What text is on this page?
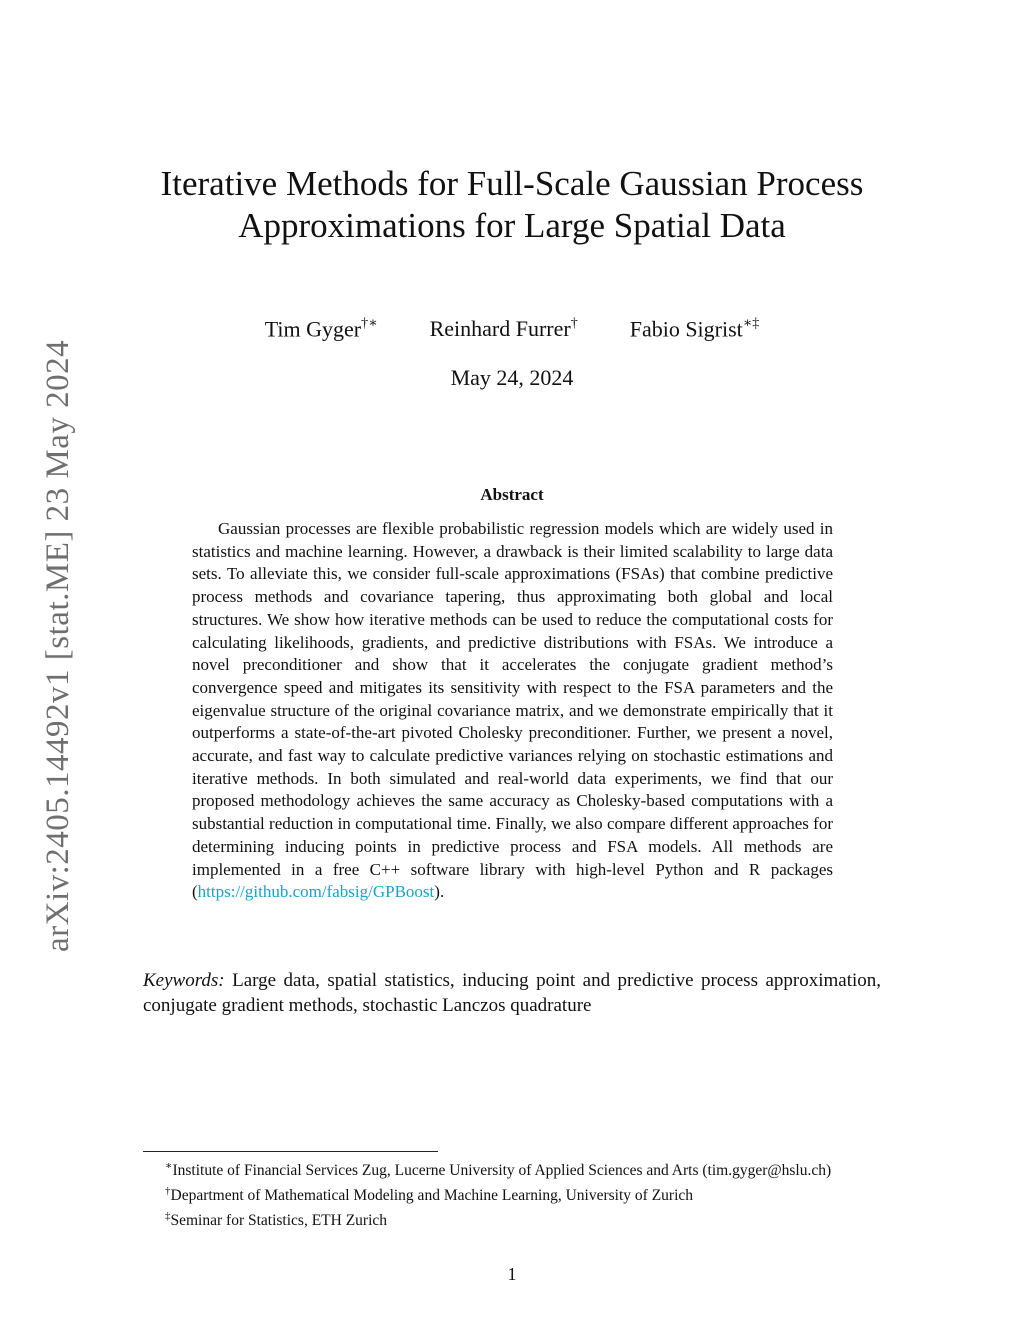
arXiv:2405.14492v1 [stat.ME] 23 May 2024
Iterative Methods for Full-Scale Gaussian Process Approximations for Large Spatial Data
Tim Gyger†∗ Reinhard Furrer† Fabio Sigrist∗‡
May 24, 2024
Abstract
Gaussian processes are flexible probabilistic regression models which are widely used in statistics and machine learning. However, a drawback is their limited scalability to large data sets. To alleviate this, we consider full-scale approximations (FSAs) that combine predictive process methods and covariance tapering, thus approximating both global and local structures. We show how iterative methods can be used to reduce the computational costs for calculating likelihoods, gradients, and predictive distributions with FSAs. We introduce a novel preconditioner and show that it accelerates the conjugate gradient method’s convergence speed and mitigates its sensitivity with respect to the FSA parameters and the eigenvalue structure of the original covariance matrix, and we demonstrate empirically that it outperforms a state-of-the-art pivoted Cholesky preconditioner. Further, we present a novel, accurate, and fast way to calculate predictive variances relying on stochastic estimations and iterative methods. In both simulated and real-world data experiments, we find that our proposed methodology achieves the same accuracy as Cholesky-based computations with a substantial reduction in computational time. Finally, we also compare different approaches for determining inducing points in predictive process and FSA models. All methods are implemented in a free C++ software library with high-level Python and R packages (https://github.com/fabsig/GPBoost).
Keywords: Large data, spatial statistics, inducing point and predictive process approximation, conjugate gradient methods, stochastic Lanczos quadrature
∗Institute of Financial Services Zug, Lucerne University of Applied Sciences and Arts (tim.gyger@hslu.ch)
†Department of Mathematical Modeling and Machine Learning, University of Zurich
‡Seminar for Statistics, ETH Zurich
1
